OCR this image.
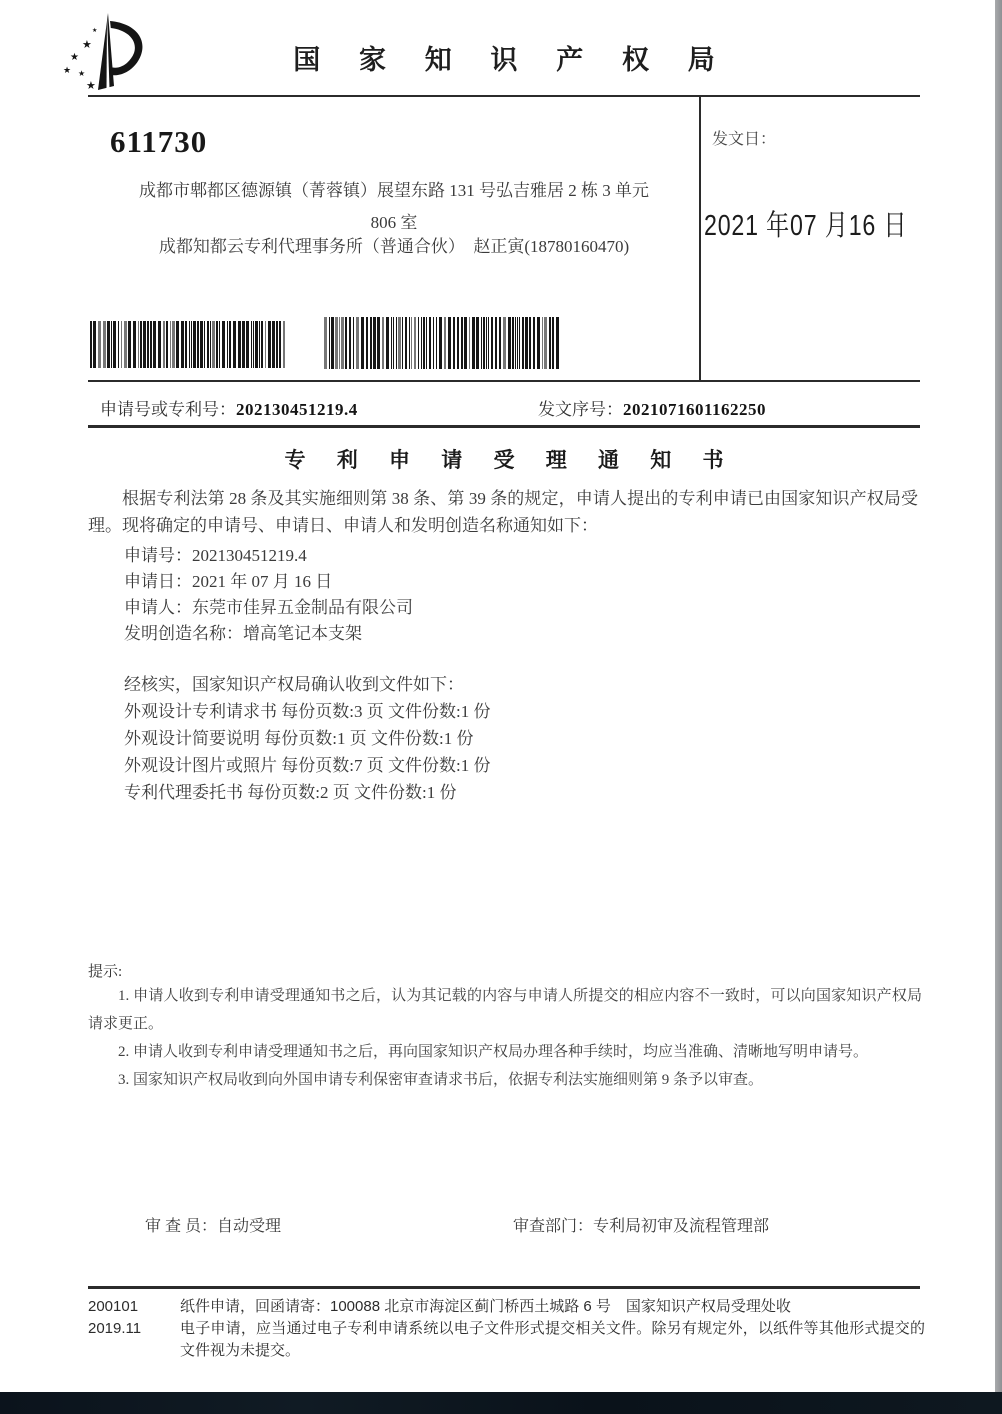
★
★
★
★ ★
★
国 家 知 识 产 权 局
611730
成都市郫都区德源镇（菁蓉镇）展望东路 131 号弘吉雅居 2 栋 3 单元
806 室
成都知都云专利代理事务所（普通合伙）　赵正寅(18780160470)
发文日：
2021 年07 月16 日
申请号或专利号：202130451219.4	发文序号：2021071601162250
专 利 申 请 受 理 通 知 书
根据专利法第 28 条及其实施细则第 38 条、第 39 条的规定，申请人提出的专利申请已由国家知识产权局受理。现将确定的申请号、申请日、申请人和发明创造名称通知如下：
申请号：202130451219.4
申请日：2021 年 07 月 16 日
申请人：东莞市佳昇五金制品有限公司
发明创造名称：增高笔记本支架
经核实，国家知识产权局确认收到文件如下：
外观设计专利请求书 每份页数:3 页 文件份数:1 份
外观设计简要说明 每份页数:1 页 文件份数:1 份
外观设计图片或照片 每份页数:7 页 文件份数:1 份
专利代理委托书 每份页数:2 页 文件份数:1 份
提示:

1. 申请人收到专利申请受理通知书之后，认为其记载的内容与申请人所提交的相应内容不一致时，可以向国家知识产权局请求更正。

2. 申请人收到专利申请受理通知书之后，再向国家知识产权局办理各种手续时，均应当准确、清晰地写明申请号。

3. 国家知识产权局收到向外国申请专利保密审查请求书后，依据专利法实施细则第 9 条予以审查。

审 查 员：自动受理	审查部门：专利局初审及流程管理部
200101
2019.11

纸件申请，回函请寄：100088 北京市海淀区蓟门桥西土城路 6 号　国家知识产权局受理处收

电子申请，应当通过电子专利申请系统以电子文件形式提交相关文件。除另有规定外，以纸件等其他形式提交的文件视为未提交。
